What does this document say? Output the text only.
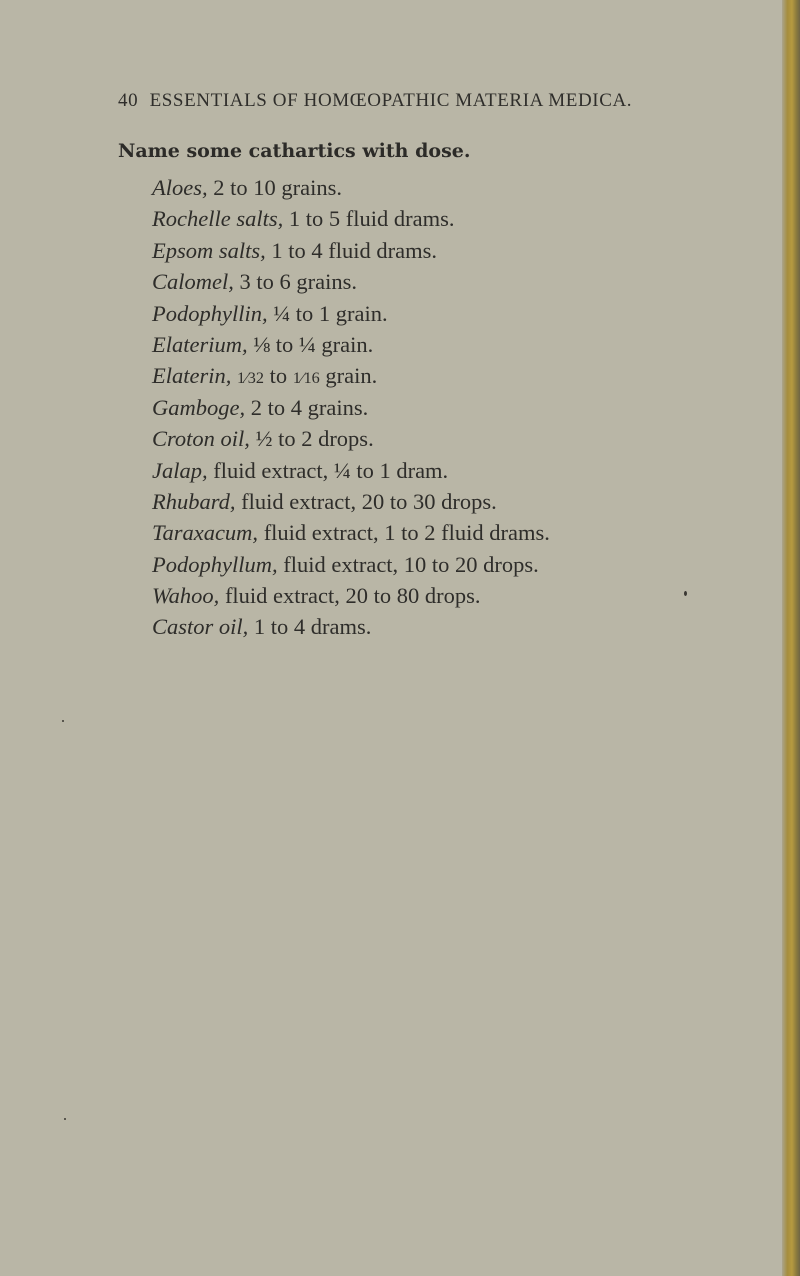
40 ESSENTIALS OF HOMŒOPATHIC MATERIA MEDICA.
Name some cathartics with dose.
Aloes, 2 to 10 grains.
Rochelle salts, 1 to 5 fluid drams.
Epsom salts, 1 to 4 fluid drams.
Calomel, 3 to 6 grains.
Podophyllin, ¼ to 1 grain.
Elaterium, ⅛ to ¼ grain.
Elaterin, 1⁄32 to 1⁄16 grain.
Gamboge, 2 to 4 grains.
Croton oil, ½ to 2 drops.
Jalap, fluid extract, ¼ to 1 dram.
Rhubard, fluid extract, 20 to 30 drops.
Taraxacum, fluid extract, 1 to 2 fluid drams.
Podophyllum, fluid extract, 10 to 20 drops.
Wahoo, fluid extract, 20 to 80 drops.
Castor oil, 1 to 4 drams.
